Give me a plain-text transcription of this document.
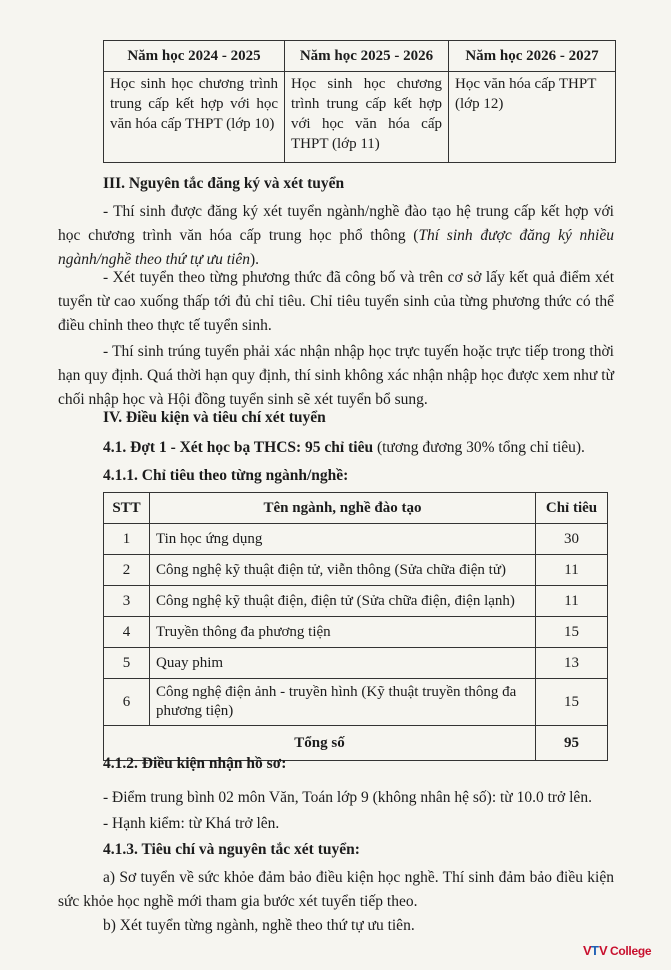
Năm học 2024 - 2025	Năm học 2025 - 2026	Năm học 2026 - 2027
Học sinh học chương trình trung cấp kết hợp với học văn hóa cấp THPT (lớp 10)	Học sinh học chương trình trung cấp kết hợp với học văn hóa cấp THPT (lớp 11)	Học văn hóa cấp THPT (lớp 12)
III. Nguyên tắc đăng ký và xét tuyển
- Thí sinh được đăng ký xét tuyển ngành/nghề đào tạo hệ trung cấp kết hợp với học chương trình văn hóa cấp trung học phổ thông (Thí sinh được đăng ký nhiều ngành/nghề theo thứ tự ưu tiên).
- Xét tuyển theo từng phương thức đã công bố và trên cơ sở lấy kết quả điểm xét tuyển từ cao xuống thấp tới đủ chỉ tiêu. Chỉ tiêu tuyển sinh của từng phương thức có thể điều chỉnh theo thực tế tuyển sinh.
- Thí sinh trúng tuyển phải xác nhận nhập học trực tuyến hoặc trực tiếp trong thời hạn quy định. Quá thời hạn quy định, thí sinh không xác nhận nhập học được xem như từ chối nhập học và Hội đồng tuyển sinh sẽ xét tuyển bổ sung.
IV. Điều kiện và tiêu chí xét tuyển
4.1. Đợt 1 - Xét học bạ THCS: 95 chỉ tiêu (tương đương 30% tổng chỉ tiêu).
4.1.1. Chỉ tiêu theo từng ngành/nghề:
STT	Tên ngành, nghề đào tạo	Chỉ tiêu
1	Tin học ứng dụng	30
2	Công nghệ kỹ thuật điện tử, viễn thông (Sửa chữa điện tử)	11
3	Công nghệ kỹ thuật điện, điện tử (Sửa chữa điện, điện lạnh)	11
4	Truyền thông đa phương tiện	15
5	Quay phim	13
6	Công nghệ điện ảnh - truyền hình (Kỹ thuật truyền thông đa phương tiện)	15
Tổng số		95
4.1.2. Điều kiện nhận hồ sơ:
- Điểm trung bình 02 môn Văn, Toán lớp 9 (không nhân hệ số): từ 10.0 trở lên.
- Hạnh kiểm: từ Khá trở lên.
4.1.3. Tiêu chí và nguyên tắc xét tuyển:
a) Sơ tuyển về sức khỏe đảm bảo điều kiện học nghề. Thí sinh đảm bảo điều kiện sức khỏe học nghề mới tham gia bước xét tuyển tiếp theo.
b) Xét tuyển từng ngành, nghề theo thứ tự ưu tiên.
V T V College
